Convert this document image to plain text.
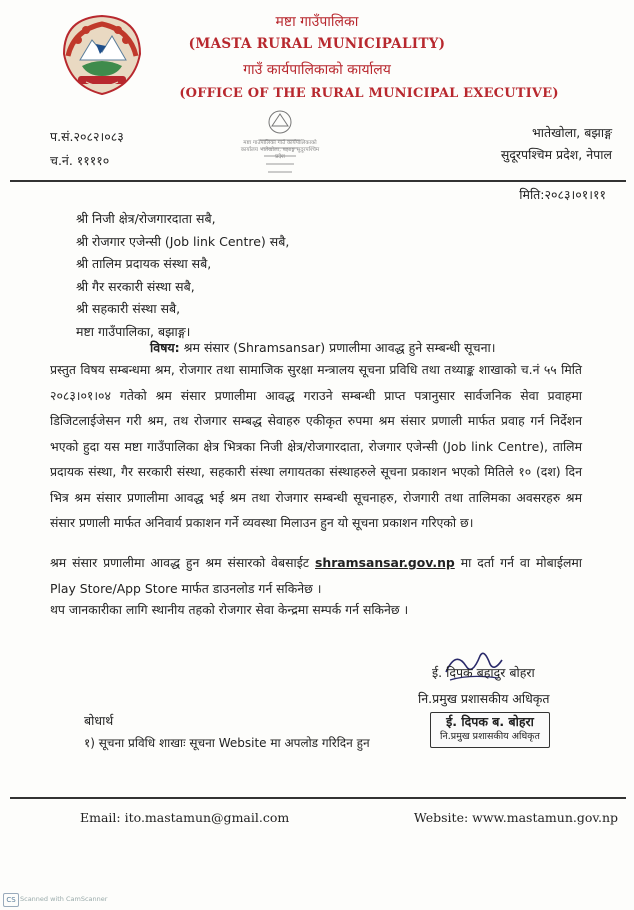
मष्टा गाउँपालिका
(MASTA RURAL MUNICIPALITY)
गाउँ कार्यपालिकाको कार्यालय
(OFFICE OF THE RURAL MUNICIPAL EXECUTIVE)
प.सं.२०८२।०८३
च.नं. ११११०
भातेखोला, बझाङ्ग
सुदूरपश्चिम प्रदेश, नेपाल
मिति:२०८३।०१।११
श्री निजी क्षेत्र/रोजगारदाता सबै,
श्री रोजगार एजेन्सी (Job link Centre) सबै,
श्री तालिम प्रदायक संस्था सबै,
श्री गैर सरकारी संस्था सबै,
श्री सहकारी संस्था सबै,
मष्टा गाउँपालिका, बझाङ्ग।
विषय: श्रम संसार (Shramsansar) प्रणालीमा आवद्ध हुने सम्बन्धी सूचना।
प्रस्तुत विषय सम्बन्धमा श्रम, रोजगार तथा सामाजिक सुरक्षा मन्त्रालय सूचना प्रविधि तथा तथ्याङ्क शाखाको च.नं ५५ मिति २०८३।०१।०४ गतेको श्रम संसार प्रणालीमा आवद्ध गराउने सम्बन्धी प्राप्त पत्रानुसार सार्वजनिक सेवा प्रवाहमा डिजिटलाईजेसन गरी श्रम, तथ रोजगार सम्बद्ध सेवाहरु एकीकृत रुपमा श्रम संसार प्रणाली मार्फत प्रवाह गर्न निर्देशन भएको हुदा यस मष्टा गाउँपालिका क्षेत्र भित्रका निजी क्षेत्र/रोजगारदाता, रोजगार एजेन्सी (Job link Centre), तालिम प्रदायक संस्था, गैर सरकारी संस्था, सहकारी संस्था लगायतका संस्थाहरुले सूचना प्रकाशन भएको मितिले १० (दश) दिन भित्र श्रम संसार प्रणालीमा आवद्ध भई श्रम तथा रोजगार सम्बन्धी सूचनाहरु, रोजगारी तथा तालिमका अवसरहरु श्रम संसार प्रणाली मार्फत अनिवार्य प्रकाशन गर्ने व्यवस्था मिलाउन हुन यो सूचना प्रकाशन गरिएको छ।
श्रम संसार प्रणालीमा आवद्ध हुन श्रम संसारको वेबसाईट shramsansar.gov.np मा दर्ता गर्न वा मोबाईलमा Play Store/App Store मार्फत डाउनलोड गर्न सकिनेछ ।
थप जानकारीका लागि स्थानीय तहको रोजगार सेवा केन्द्रमा सम्पर्क गर्न सकिनेछ ।
ई. दिपक बहादुर बोहरा
नि.प्रमुख प्रशासकीय अधिकृत
ई. दिपक ब. बोहरा
नि.प्रमुख प्रशासकीय अधिकृत
बोधार्थ
१) सूचना प्रविधि शाखाः सूचना Website मा अपलोड गरिदिन हुन
Email: ito.mastamun@gmail.com	Website: www.mastamun.gov.np
CS Scanned with CamScanner
मष्टा गाउँपालिका गाउँ कार्यपालिकाको कार्यालय भातेखोला, बझाङ्ग सुदूरपश्चिम प्रदेश
